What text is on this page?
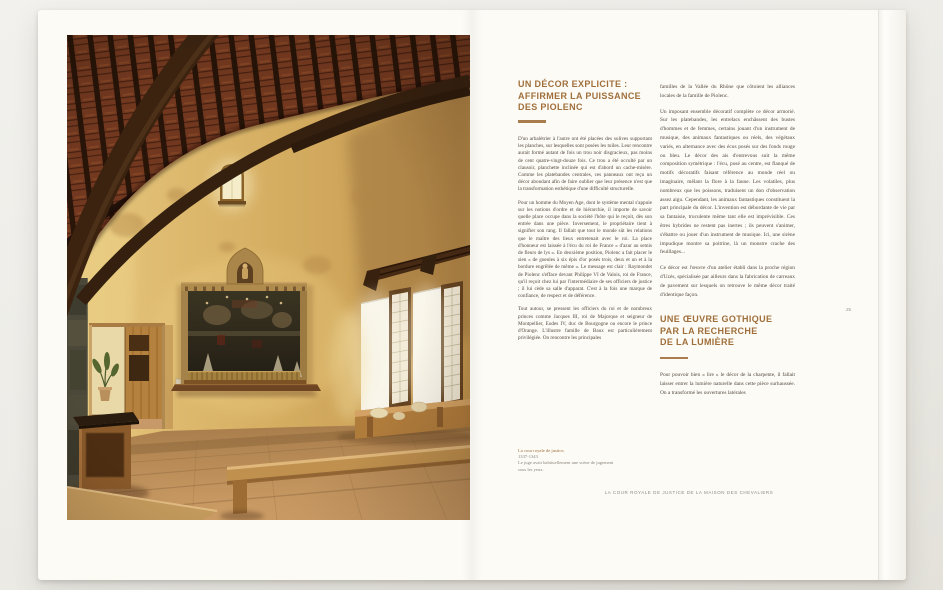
UN DÉCOR EXPLICITE :
AFFIRMER LA PUISSANCE
DES PIOLENC

D'un arbalétrier à l'autre ont été placées des solives supportant les planches, sur lesquelles sont posées les tuiles. Leur rencontre aurait formé autant de fois un trou noir disgracieux, pas moins de cent quatre-vingt-douze fois. Ce trou a été occulté par un clausoir, planchette inclinée qui est d'abord un cache-misère. Comme les platebandes centrales, ces panneaux ont reçu un décor abondant afin de faire oublier que leur présence n'est que la transformation esthétique d'une difficulté structurelle.

Pour un homme du Moyen Age, dont le système mental s'appuie sur les notions d'ordre et de hiérarchie, il importe de savoir quelle place occupe dans la société l'hôte qui le reçoit, dès son entrée dans une pièce. Inversement, le propriétaire tient à signifier son rang. Il fallait que tout le monde sût les relations que le maître des lieux entretenait avec le roi. La place d'honneur est laissée à l'écu du roi de France « d'azur au semis de fleurs de lys ». En deuxième position, Piolenc a fait placer le sien « de gueules à six épis d'or posés trois, deux et un et à la bordure engrêlée de même ». Le message est clair : Raymondet de Piolenc s'efface devant Philippe VI de Valois, roi de France, qu'il reçoit chez lui par l'intermédiaire de ses officiers de justice ; il lui cède sa salle d'apparat. C'est à la fois une marque de confiance, de respect et de déférence.

Tout autour, se pressent les officiers du roi et de nombreux princes comme Jacques III, roi de Majorque et seigneur de Montpellier, Eudes IV, duc de Bourgogne ou encore le prince d'Orange. L'illustre famille de Baux est particulièrement privilégiée. On rencontre les principales

familles de la Vallée du Rhône que côtoient les alliances locales de la famille de Piolenc.

Un imposant ensemble décoratif complète ce décor armorié. Sur les platebandes, les entrelacs enchâssent des bustes d'hommes et de femmes, certains jouant d'un instrument de musique, des animaux fantastiques ou réels, des végétaux variés, en alternance avec des écus posés sur des fonds rouge ou bleu. Le décor des ais d'entrevous suit la même composition symétrique : l'écu, posé au centre, est flanqué de motifs décoratifs faisant référence au monde réel ou imaginaire, mêlant la flore à la faune. Les volatiles, plus nombreux que les poissons, traduisent un don d'observation assez aigu. Cependant, les animaux fantastiques constituent la part principale du décor. L'invention est débordante de vie par sa fantaisie, truculente même tant elle est imprévisible. Ces êtres hybrides ne restent pas inertes ; ils peuvent s'animer, s'ébattre ou jouer d'un instrument de musique. Ici, une sirène impudique montre sa poitrine, là un monstre crache des feuillages...

Ce décor est l'œuvre d'un atelier établi dans la proche région d'Uzès, spécialisée par ailleurs dans la fabrication de carreaux de pavement sur lesquels on retrouve le même décor traité d'identique façon.

UNE ŒUVRE GOTHIQUE
PAR LA RECHERCHE
DE LA LUMIÈRE

Pour pouvoir bien « lire » le décor de la charpente, il fallait laisser entrer la lumière naturelle dans cette pièce surhaussée. On a transformé les ouvertures latérales

La cour royale de justice,
1337-1343
Le juge avait habituellement une scène de jugement sous les yeux.
25
LA COUR ROYALE DE JUSTICE DE LA MAISON DES CHEVALIERS
